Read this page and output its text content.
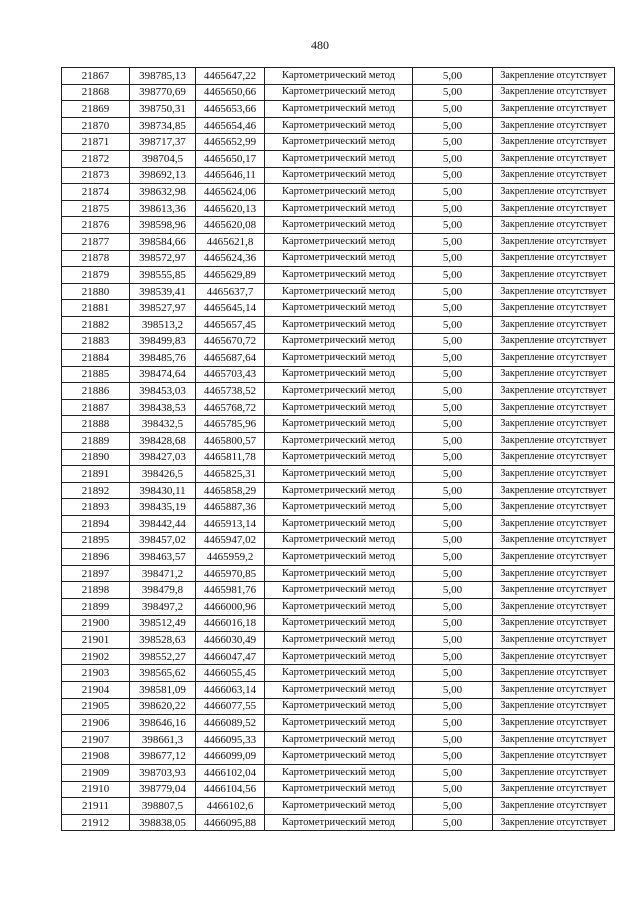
480
21867	398785,13	4465647,22	Картометрический метод	5,00	Закрепление отсутствует
21868	398770,69	4465650,66	Картометрический метод	5,00	Закрепление отсутствует
21869	398750,31	4465653,66	Картометрический метод	5,00	Закрепление отсутствует
21870	398734,85	4465654,46	Картометрический метод	5,00	Закрепление отсутствует
21871	398717,37	4465652,99	Картометрический метод	5,00	Закрепление отсутствует
21872	398704,5	4465650,17	Картометрический метод	5,00	Закрепление отсутствует
21873	398692,13	4465646,11	Картометрический метод	5,00	Закрепление отсутствует
21874	398632,98	4465624,06	Картометрический метод	5,00	Закрепление отсутствует
21875	398613,36	4465620,13	Картометрический метод	5,00	Закрепление отсутствует
21876	398598,96	4465620,08	Картометрический метод	5,00	Закрепление отсутствует
21877	398584,66	4465621,8	Картометрический метод	5,00	Закрепление отсутствует
21878	398572,97	4465624,36	Картометрический метод	5,00	Закрепление отсутствует
21879	398555,85	4465629,89	Картометрический метод	5,00	Закрепление отсутствует
21880	398539,41	4465637,7	Картометрический метод	5,00	Закрепление отсутствует
21881	398527,97	4465645,14	Картометрический метод	5,00	Закрепление отсутствует
21882	398513,2	4465657,45	Картометрический метод	5,00	Закрепление отсутствует
21883	398499,83	4465670,72	Картометрический метод	5,00	Закрепление отсутствует
21884	398485,76	4465687,64	Картометрический метод	5,00	Закрепление отсутствует
21885	398474,64	4465703,43	Картометрический метод	5,00	Закрепление отсутствует
21886	398453,03	4465738,52	Картометрический метод	5,00	Закрепление отсутствует
21887	398438,53	4465768,72	Картометрический метод	5,00	Закрепление отсутствует
21888	398432,5	4465785,96	Картометрический метод	5,00	Закрепление отсутствует
21889	398428,68	4465800,57	Картометрический метод	5,00	Закрепление отсутствует
21890	398427,03	4465811,78	Картометрический метод	5,00	Закрепление отсутствует
21891	398426,5	4465825,31	Картометрический метод	5,00	Закрепление отсутствует
21892	398430,11	4465858,29	Картометрический метод	5,00	Закрепление отсутствует
21893	398435,19	4465887,36	Картометрический метод	5,00	Закрепление отсутствует
21894	398442,44	4465913,14	Картометрический метод	5,00	Закрепление отсутствует
21895	398457,02	4465947,02	Картометрический метод	5,00	Закрепление отсутствует
21896	398463,57	4465959,2	Картометрический метод	5,00	Закрепление отсутствует
21897	398471,2	4465970,85	Картометрический метод	5,00	Закрепление отсутствует
21898	398479,8	4465981,76	Картометрический метод	5,00	Закрепление отсутствует
21899	398497,2	4466000,96	Картометрический метод	5,00	Закрепление отсутствует
21900	398512,49	4466016,18	Картометрический метод	5,00	Закрепление отсутствует
21901	398528,63	4466030,49	Картометрический метод	5,00	Закрепление отсутствует
21902	398552,27	4466047,47	Картометрический метод	5,00	Закрепление отсутствует
21903	398565,62	4466055,45	Картометрический метод	5,00	Закрепление отсутствует
21904	398581,09	4466063,14	Картометрический метод	5,00	Закрепление отсутствует
21905	398620,22	4466077,55	Картометрический метод	5,00	Закрепление отсутствует
21906	398646,16	4466089,52	Картометрический метод	5,00	Закрепление отсутствует
21907	398661,3	4466095,33	Картометрический метод	5,00	Закрепление отсутствует
21908	398677,12	4466099,09	Картометрический метод	5,00	Закрепление отсутствует
21909	398703,93	4466102,04	Картометрический метод	5,00	Закрепление отсутствует
21910	398779,04	4466104,56	Картометрический метод	5,00	Закрепление отсутствует
21911	398807,5	4466102,6	Картометрический метод	5,00	Закрепление отсутствует
21912	398838,05	4466095,88	Картометрический метод	5,00	Закрепление отсутствует
